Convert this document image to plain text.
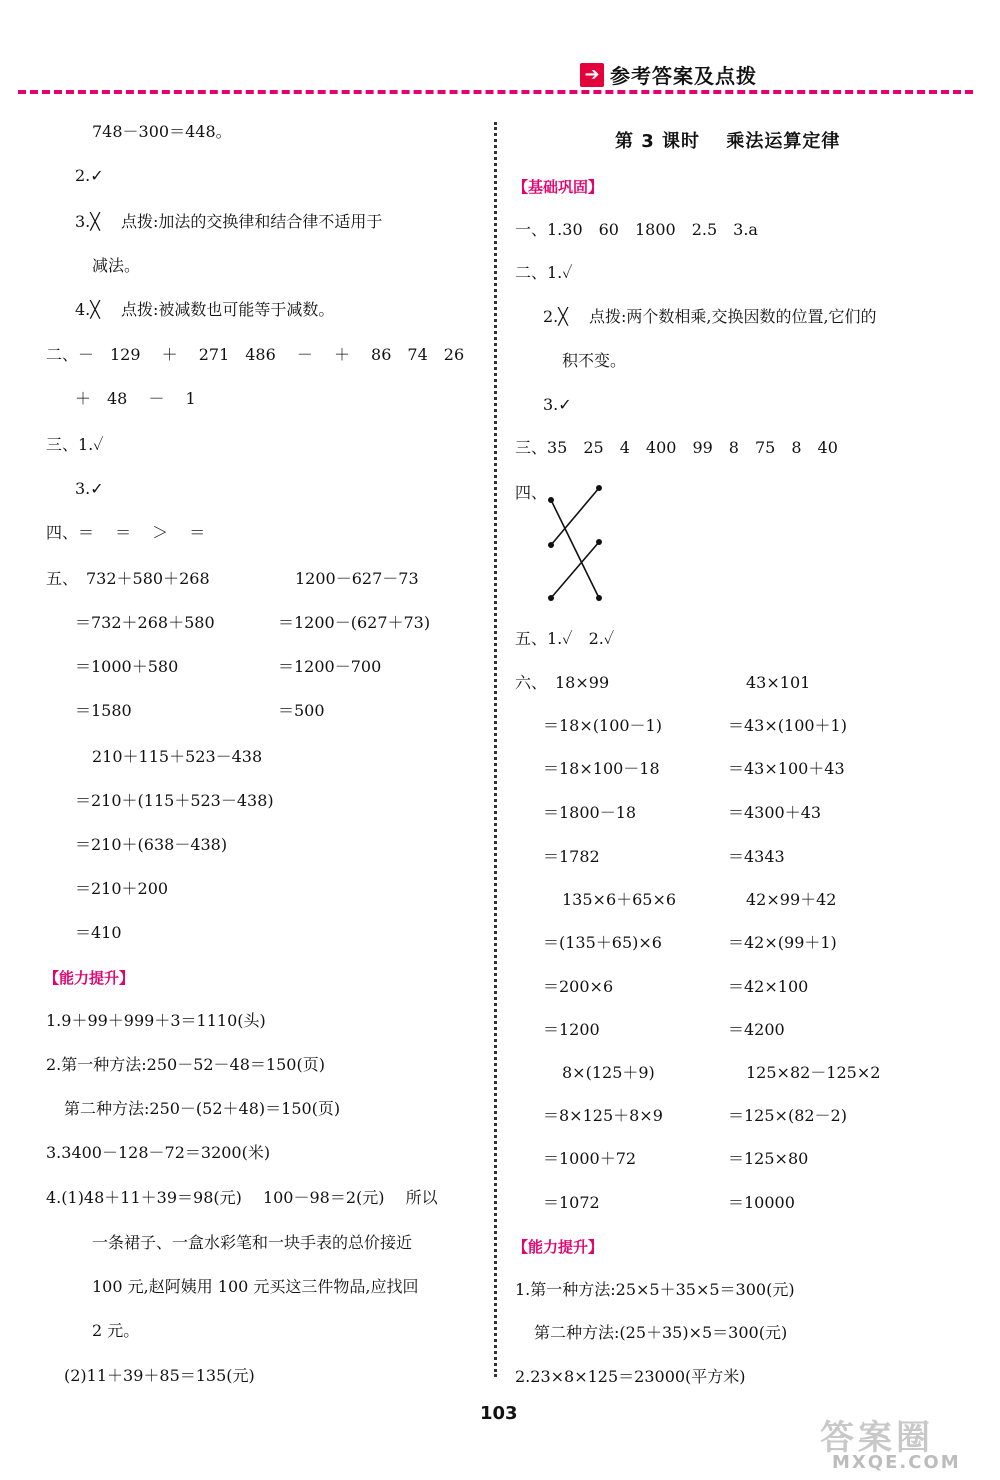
➔ 参考答案及点拨
748－300＝448。
2.✓
3.╳　 点拨:加法的交换律和结合律不适用于
减法。
4.╳　 点拨:被减数也可能等于减数。
二、－　129　 ＋　 271　486　 －　 ＋　 86　74　26
＋　48　 －　 1
三、1.✓
3.✓
四、＝　 ＝　 ＞　 ＝
五、　732＋580＋268	1200－627－73
＝732＋268＋580	＝1200－(627＋73)
＝1000＋580	＝1200－700
＝1580	＝500
210＋115＋523－438
＝210＋(115＋523－438)
＝210＋(638－438)
＝210＋200
＝410
【能力提升】
1.9＋99＋999＋3＝1110(头)
2.第一种方法:250－52－48＝150(页)
第二种方法:250－(52＋48)＝150(页)
3.3400－128－72＝3200(米)
4.(1)48＋11＋39＝98(元)　 100－98＝2(元)　 所以
一条裙子、一盒水彩笔和一块手表的总价接近
100 元,赵阿姨用 100 元买这三件物品,应找回
2 元。
(2)11＋39＋85＝135(元)
第 3 课时　 乘法运算定律
【基础巩固】
一、1.30　60　1800　2.5　3.a
二、1.✓
2.╳　 点拨:两个数相乘,交换因数的位置,它们的
积不变。
3.✓
三、35　25　4　400　99　8　75　8　40
四、
五、1.✓　2.✓
六、　18×99	43×101
＝18×(100－1)	＝43×(100＋1)
＝18×100－18	＝43×100＋43
＝1800－18	＝4300＋43
＝1782	＝4343
135×6＋65×6	42×99＋42
＝(135＋65)×6	＝42×(99＋1)
＝200×6	＝42×100
＝1200	＝4200
8×(125＋9)	125×82－125×2
＝8×125＋8×9	＝125×(82－2)
＝1000＋72	＝125×80
＝1072	＝10000
【能力提升】
1.第一种方法:25×5＋35×5＝300(元)
第二种方法:(25＋35)×5＝300(元)
2.23×8×125＝23000(平方米)
103
答案圈
MXQE.COM
